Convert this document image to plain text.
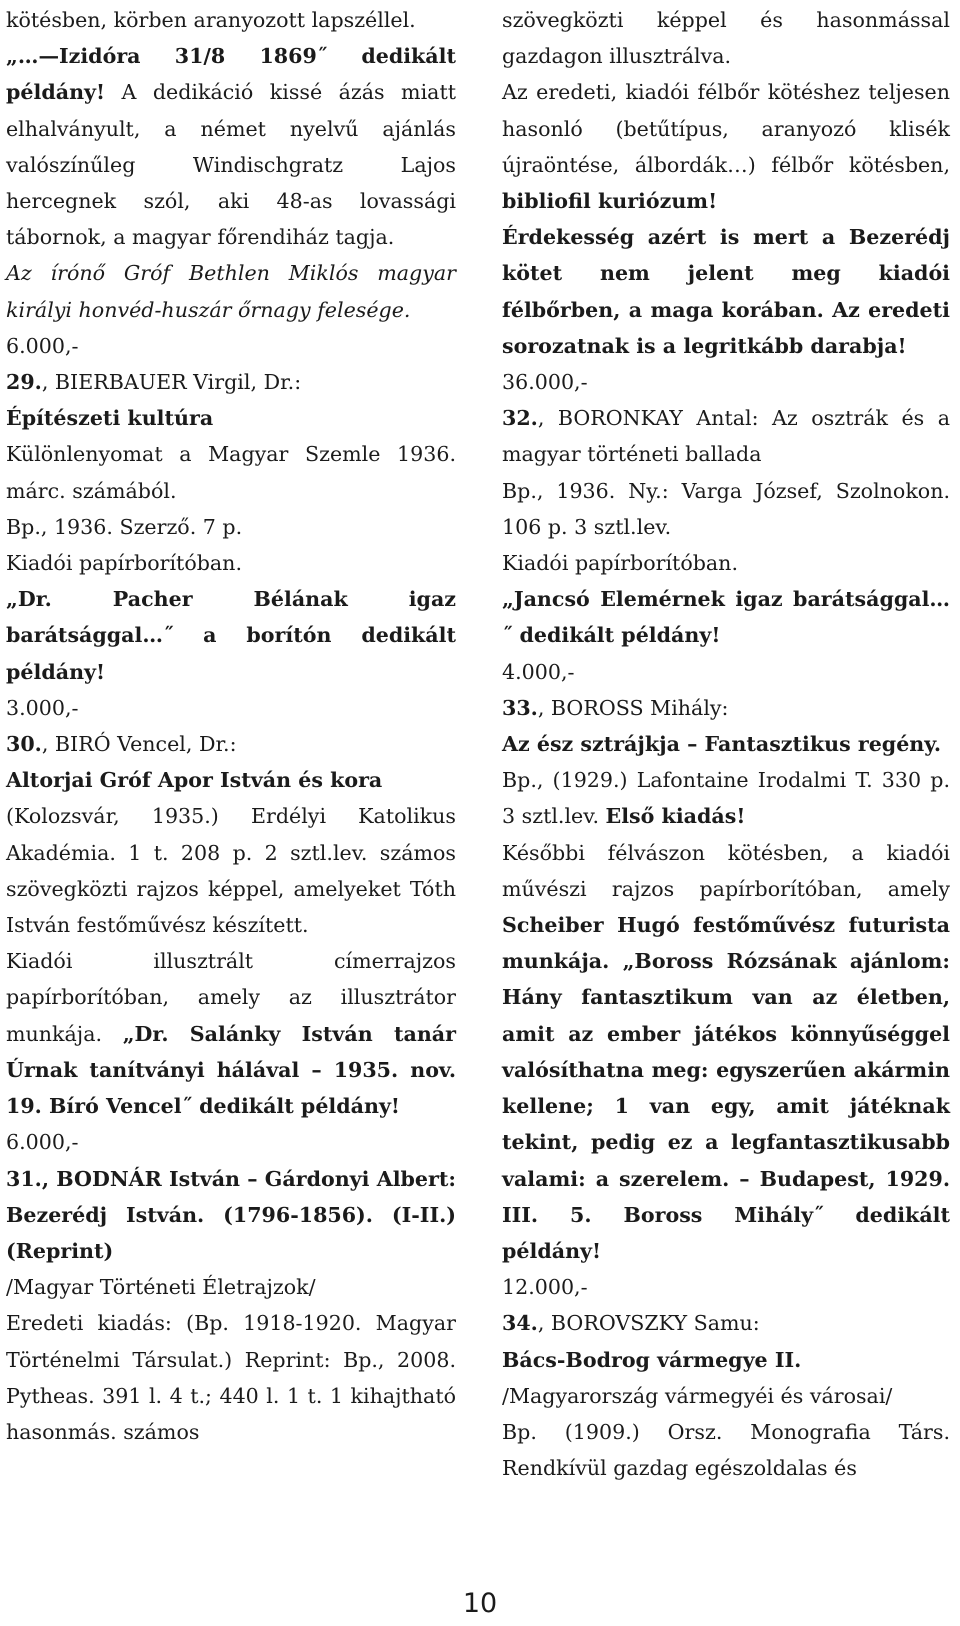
kötésben, körben aranyozott lapszéllel.

„…—Izidóra 31/8 1869˝ dedikált példány! A dedikáció kissé ázás miatt elhalványult, a német nyelvű ajánlás valószínűleg Windischgratz Lajos hercegnek szól, aki 48-as lovassági tábornok, a magyar főrendiház tagja.

Az írónő Gróf Bethlen Miklós magyar királyi honvéd-huszár őrnagy felesége.

6.000,-

29., BIERBAUER Virgil, Dr.:

Építészeti kultúra

Különlenyomat a Magyar Szemle 1936. márc. számából.

Bp., 1936. Szerző. 7 p.

Kiadói papírborítóban.

„Dr. Pacher Bélának igaz barátsággal…˝ a borítón dedikált példány!

3.000,-

30., BIRÓ Vencel, Dr.:

Altorjai Gróf Apor István és kora

(Kolozsvár, 1935.) Erdélyi Katolikus Akadémia. 1 t. 208 p. 2 sztl.lev. számos szövegközti rajzos képpel, amelyeket Tóth István festőművész készített.

Kiadói illusztrált címerrajzos papírborítóban, amely az illusztrátor munkája. „Dr. Salánky István tanár Úrnak tanítványi hálával – 1935. nov. 19. Bíró Vencel˝ dedikált példány!

6.000,-

31., BODNÁR István – Gárdonyi Albert: Bezerédj István. (1796-1856). (I-II.) (Reprint)

/Magyar Történeti Életrajzok/

Eredeti kiadás: (Bp. 1918-1920. Magyar Történelmi Társulat.) Reprint: Bp., 2008. Pytheas. 391 l. 4 t.; 440 l. 1 t. 1 kihajtható hasonmás. számos

szövegközti képpel és hasonmással gazdagon illusztrálva.

Az eredeti, kiadói félbőr kötéshez teljesen hasonló (betűtípus, aranyozó klisék újraöntése, álbordák…) félbőr kötésben, bibliofil kuriózum!

Érdekesség azért is mert a Bezerédj kötet nem jelent meg kiadói félbőrben, a maga korában. Az eredeti sorozatnak is a legritkább darabja!

36.000,-

32., BORONKAY Antal: Az osztrák és a magyar történeti ballada

Bp., 1936. Ny.: Varga József, Szolnokon. 106 p. 3 sztl.lev.

Kiadói papírborítóban.

„Jancsó Elemérnek igaz barátsággal…˝ dedikált példány!

4.000,-

33., BOROSS Mihály:

Az ész sztrájkja – Fantasztikus regény.

Bp., (1929.) Lafontaine Irodalmi T. 330 p. 3 sztl.lev. Első kiadás!

Későbbi félvászon kötésben, a kiadói művészi rajzos papírborítóban, amely Scheiber Hugó festőművész futurista munkája. „Boross Rózsának ajánlom: Hány fantasztikum van az életben, amit az ember játékos könnyűséggel valósíthatna meg: egyszerűen akármin kellene; 1 van egy, amit játéknak tekint, pedig ez a legfantasztikusabb valami: a szerelem. – Budapest, 1929. III. 5. Boross Mihály˝ dedikált példány!

12.000,-

34., BOROVSZKY Samu:

Bács-Bodrog vármegye II.

/Magyarország vármegyéi és városai/

Bp. (1909.) Orsz. Monografia Társ. Rendkívül gazdag egészoldalas és

10
